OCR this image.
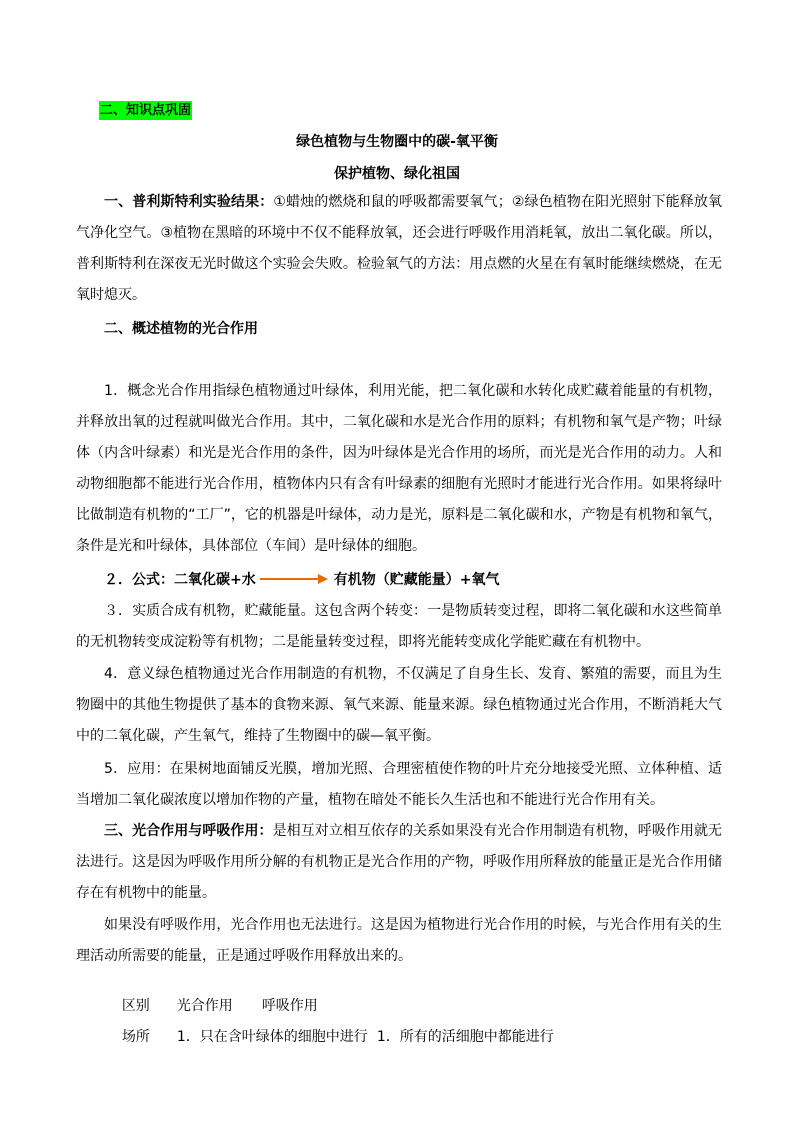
二、知识点巩固
绿色植物与生物圈中的碳-氧平衡
保护植物、绿化祖国

一、普利斯特利实验结果：①蜡烛的燃烧和鼠的呼吸都需要氧气；②绿色植物在阳光照射下能释放氧气净化空气。③植物在黑暗的环境中不仅不能释放氧，还会进行呼吸作用消耗氧，放出二氧化碳。所以，普利斯特利在深夜无光时做这个实验会失败。检验氧气的方法：用点燃的火星在有氧时能继续燃烧，在无氧时熄灭。

二、概述植物的光合作用

1．概念光合作用指绿色植物通过叶绿体，利用光能，把二氧化碳和水转化成贮藏着能量的有机物，并释放出氧的过程就叫做光合作用。其中，二氧化碳和水是光合作用的原料；有机物和氧气是产物；叶绿体（内含叶绿素）和光是光合作用的条件，因为叶绿体是光合作用的场所，而光是光合作用的动力。人和动物细胞都不能进行光合作用，植物体内只有含有叶绿素的细胞有光照时才能进行光合作用。如果将绿叶比做制造有机物的“工厂”，它的机器是叶绿体，动力是光，原料是二氧化碳和水，产物是有机物和氧气，条件是光和叶绿体，具体部位（车间）是叶绿体的细胞。

２．公式：二氧化碳+水	有机物（贮藏能量）+氧气

３．实质合成有机物，贮藏能量。这包含两个转变：一是物质转变过程，即将二氧化碳和水这些简单的无机物转变成淀粉等有机物；二是能量转变过程，即将光能转变成化学能贮藏在有机物中。

4．意义绿色植物通过光合作用制造的有机物，不仅满足了自身生长、发育、繁殖的需要，而且为生物圈中的其他生物提供了基本的食物来源、氧气来源、能量来源。绿色植物通过光合作用，不断消耗大气中的二氧化碳，产生氧气，维持了生物圈中的碳—氧平衡。

5．应用：在果树地面铺反光膜，增加光照、合理密植使作物的叶片充分地接受光照、立体种植、适当增加二氧化碳浓度以增加作物的产量，植物在暗处不能长久生活也和不能进行光合作用有关。

三、光合作用与呼吸作用：是相互对立相互依存的关系如果没有光合作用制造有机物，呼吸作用就无法进行。这是因为呼吸作用所分解的有机物正是光合作用的产物，呼吸作用所释放的能量正是光合作用储存在有机物中的能量。

如果没有呼吸作用，光合作用也无法进行。这是因为植物进行光合作用的时候，与光合作用有关的生理活动所需要的能量，正是通过呼吸作用释放出来的。

区别 光合作用 呼吸作用

场所 1．只在含叶绿体的细胞中进行 1．所有的活细胞中都能进行
